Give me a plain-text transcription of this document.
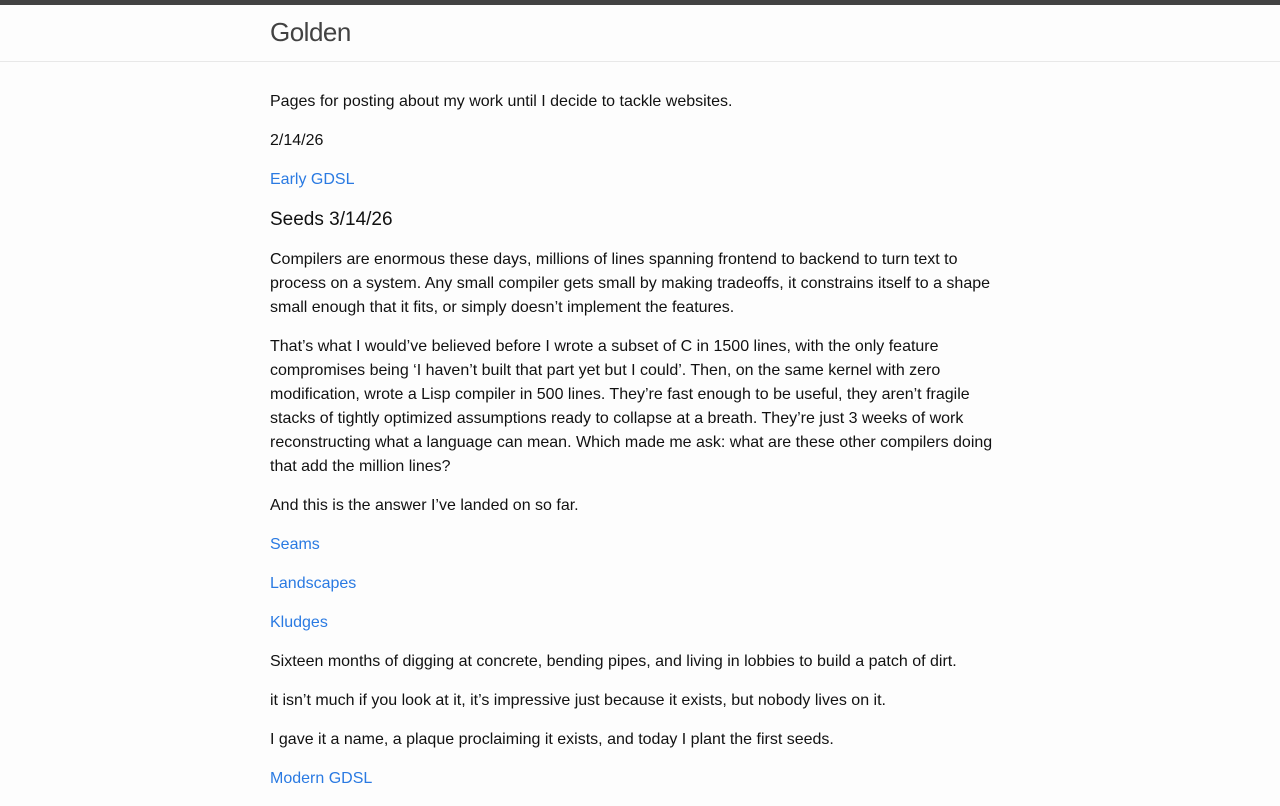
Golden

Pages for posting about my work until I decide to tackle websites.

2/14/26

Early GDSL

Seeds 3/14/26

Compilers are enormous these days, millions of lines spanning frontend to backend to turn text to process on a system. Any small compiler gets small by making tradeoffs, it constrains itself to a shape small enough that it fits, or simply doesn’t implement the features.

That’s what I would’ve believed before I wrote a subset of C in 1500 lines, with the only feature compromises being ‘I haven’t built that part yet but I could’. Then, on the same kernel with zero modification, wrote a Lisp compiler in 500 lines. They’re fast enough to be useful, they aren’t fragile stacks of tightly optimized assumptions ready to collapse at a breath. They’re just 3 weeks of work reconstructing what a language can mean. Which made me ask: what are these other compilers doing that add the million lines?

And this is the answer I’ve landed on so far.

Seams

Landscapes

Kludges

Sixteen months of digging at concrete, bending pipes, and living in lobbies to build a patch of dirt.

it isn’t much if you look at it, it’s impressive just because it exists, but nobody lives on it.

I gave it a name, a plaque proclaiming it exists, and today I plant the first seeds.

Modern GDSL
